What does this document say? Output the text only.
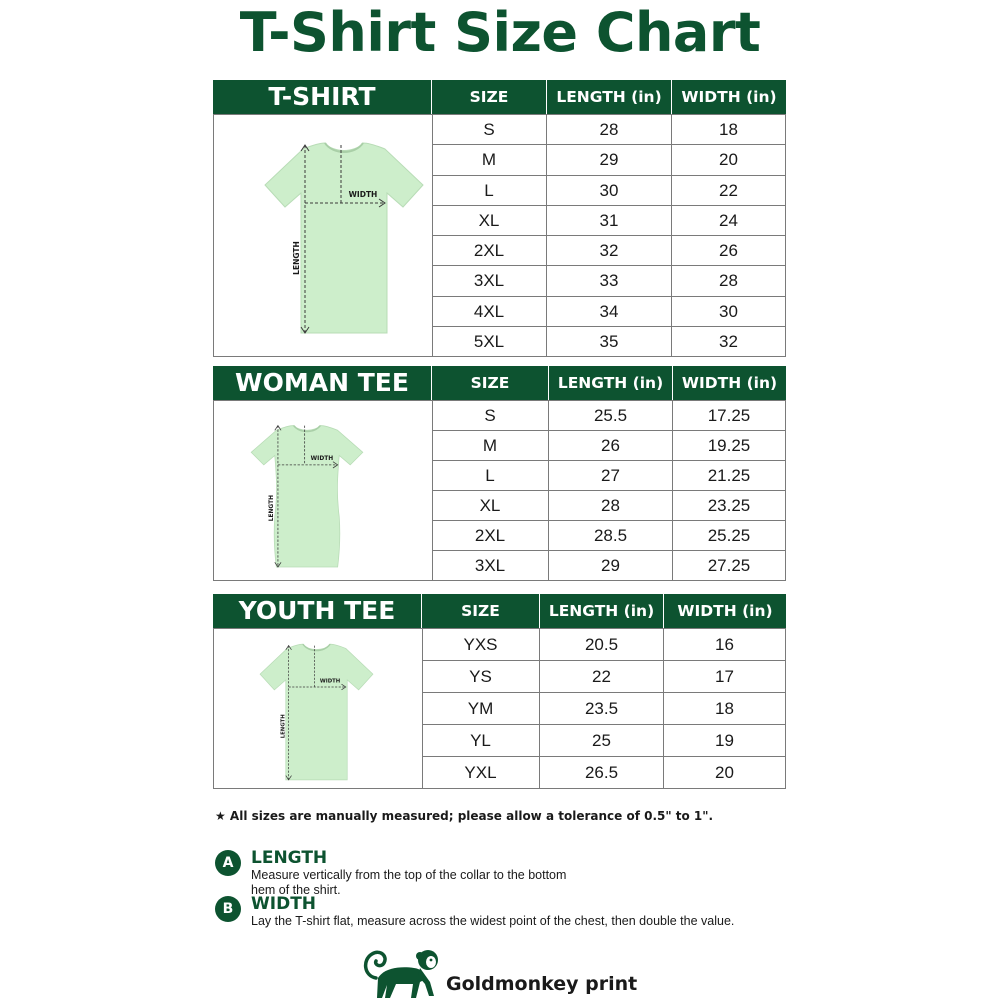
T-Shirt Size Chart
T-SHIRT	SIZE	LENGTH (in)	WIDTH (in)
WIDTH
LENGTH
S	28	18
M	29	20
L	30	22
XL	31	24
2XL	32	26
3XL	33	28
4XL	34	30
5XL	35	32
WOMAN TEE	SIZE	LENGTH (in)	WIDTH (in)
WIDTH
LENGTH
S	25.5	17.25
M	26	19.25
L	27	21.25
XL	28	23.25
2XL	28.5	25.25
3XL	29	27.25
YOUTH TEE	SIZE	LENGTH (in)	WIDTH (in)
WIDTH
LENGTH
YXS	20.5	16
YS	22	17
YM	23.5	18
YL	25	19
YXL	26.5	20
★ All sizes are manually measured; please allow a tolerance of 0.5" to 1".
A	LENGTH
Measure vertically from the top of the collar to the bottom hem of the shirt.
B	WIDTH
Lay the T-shirt flat, measure across the widest point of the chest, then double the value.
Goldmonkey print
